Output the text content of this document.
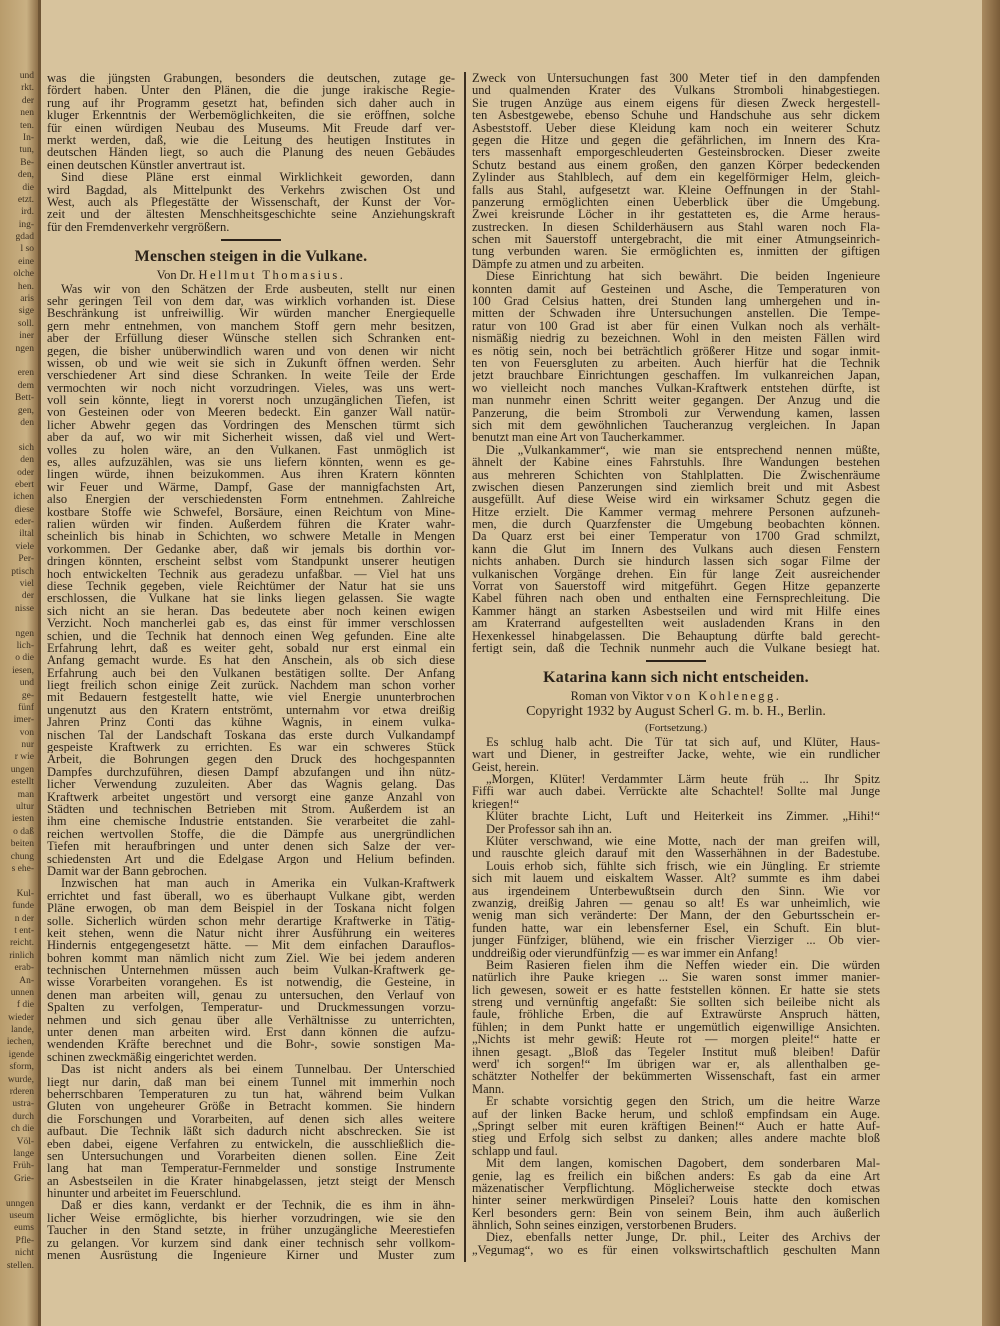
und
rkt.
der
nen
ten.
In-
tun,
Be-
den,
die
etzt.
ird.
ing-
gdad
l so
eine
olche
hen.
aris
sige
soll.
iner
ngen

eren
dem
Bett-
gen,
den

sich
den
oder
ebert
ichen
diese
eder-
iltal
viele
Per-
ptisch
viel
der
nisse

ngen
lich-
o die
iesen,
und
ge-
fünf
imer-
von
nur
r wie
ungen
estellt
man
ultur
iesten
o daß
beiten
chung
s ehe-

Kul-
funde
n der
t ent-
reicht.
rinlich
erab-
An-
unnen
f die
wieder
lande,
iechen,
igende
sform,
wurde,
rderen
ustra-
durch
ch die
Völ-
lange
Früh-
Grie-

unngen
useum
eums
Pfle-
nicht
stellen.
was die jüngsten Grabungen, besonders die deutschen, zutage ge-
fördert haben. Unter den Plänen, die die junge irakische Regie-
rung auf ihr Programm gesetzt hat, befinden sich daher auch in
kluger Erkenntnis der Werbemöglichkeiten, die sie eröffnen, solche
für einen würdigen Neubau des Museums. Mit Freude darf ver-
merkt werden, daß, wie die Leitung des heutigen Institutes in
deutschen Händen liegt, so auch die Planung des neuen Gebäudes
einen deutschen Künstler anvertraut ist.
Sind diese Pläne erst einmal Wirklichkeit geworden, dann
wird Bagdad, als Mittelpunkt des Verkehrs zwischen Ost und
West, auch als Pflegestätte der Wissenschaft, der Kunst der Vor-
zeit und der ältesten Menschheitsgeschichte seine Anziehungskraft
für den Fremdenverkehr vergrößern.
Menschen steigen in die Vulkane.
Von Dr. Hellmut Thomasius.
Was wir von den Schätzen der Erde ausbeuten, stellt nur einen
sehr geringen Teil von dem dar, was wirklich vorhanden ist. Diese
Beschränkung ist unfreiwillig. Wir würden mancher Energiequelle
gern mehr entnehmen, von manchem Stoff gern mehr besitzen,
aber der Erfüllung dieser Wünsche stellen sich Schranken ent-
gegen, die bisher unüberwindlich waren und von denen wir nicht
wissen, ob und wie weit sie sich in Zukunft öffnen werden. Sehr
verschiedener Art sind diese Schranken. In weite Teile der Erde
vermochten wir noch nicht vorzudringen. Vieles, was uns wert-
voll sein könnte, liegt in vorerst noch unzugänglichen Tiefen, ist
von Gesteinen oder von Meeren bedeckt. Ein ganzer Wall natür-
licher Abwehr gegen das Vordringen des Menschen türmt sich
aber da auf, wo wir mit Sicherheit wissen, daß viel und Wert-
volles zu holen wäre, an den Vulkanen. Fast unmöglich ist
es, alles aufzuzählen, was sie uns liefern könnten, wenn es ge-
lingen würde, ihnen beizukommen. Aus ihren Kratern könnten
wir Feuer und Wärme, Dampf, Gase der mannigfachsten Art,
also Energien der verschiedensten Form entnehmen. Zahlreiche
kostbare Stoffe wie Schwefel, Borsäure, einen Reichtum von Mine-
ralien würden wir finden. Außerdem führen die Krater wahr-
scheinlich bis hinab in Schichten, wo schwere Metalle in Mengen
vorkommen. Der Gedanke aber, daß wir jemals bis dorthin vor-
dringen könnten, erscheint selbst vom Standpunkt unserer heutigen
hoch entwickelten Technik aus geradezu unfaßbar. — Viel hat uns
diese Technik gegeben, viele Reichtümer der Natur hat sie uns
erschlossen, die Vulkane hat sie links liegen gelassen. Sie wagte
sich nicht an sie heran. Das bedeutete aber noch keinen ewigen
Verzicht. Noch mancherlei gab es, das einst für immer verschlossen
schien, und die Technik hat dennoch einen Weg gefunden. Eine alte
Erfahrung lehrt, daß es weiter geht, sobald nur erst einmal ein
Anfang gemacht wurde. Es hat den Anschein, als ob sich diese
Erfahrung auch bei den Vulkanen bestätigen sollte. Der Anfang
liegt freilich schon einige Zeit zurück. Nachdem man schon vorher
mit Bedauern festgestellt hatte, wie viel Energie ununterbrochen
ungenutzt aus den Kratern entströmt, unternahm vor etwa dreißig
Jahren Prinz Conti das kühne Wagnis, in einem vulka-
nischen Tal der Landschaft Toskana das erste durch Vulkandampf
gespeiste Kraftwerk zu errichten. Es war ein schweres Stück
Arbeit, die Bohrungen gegen den Druck des hochgespannten
Dampfes durchzuführen, diesen Dampf abzufangen und ihn nütz-
licher Verwendung zuzuleiten. Aber das Wagnis gelang. Das
Kraftwerk arbeitet ungestört und versorgt eine ganze Anzahl von
Städten und technischen Betrieben mit Strom. Außerdem ist an
ihm eine chemische Industrie entstanden. Sie verarbeitet die zahl-
reichen wertvollen Stoffe, die die Dämpfe aus unergründlichen
Tiefen mit heraufbringen und unter denen sich Salze der ver-
schiedensten Art und die Edelgase Argon und Helium befinden.
Damit war der Bann gebrochen.
Inzwischen hat man auch in Amerika ein Vulkan-Kraftwerk
errichtet und fast überall, wo es überhaupt Vulkane gibt, werden
Pläne erwogen, ob man dem Beispiel in der Toskana nicht folgen
solle. Sicherlich würden schon mehr derartige Kraftwerke in Tätig-
keit stehen, wenn die Natur nicht ihrer Ausführung ein weiteres
Hindernis entgegengesetzt hätte. — Mit dem einfachen Darauflos-
bohren kommt man nämlich nicht zum Ziel. Wie bei jedem anderen
technischen Unternehmen müssen auch beim Vulkan-Kraftwerk ge-
wisse Vorarbeiten vorangehen. Es ist notwendig, die Gesteine, in
denen man arbeiten will, genau zu untersuchen, den Verlauf von
Spalten zu verfolgen, Temperatur- und Druckmessungen vorzu-
nehmen und sich genau über alle Verhältnisse zu unterrichten,
unter denen man arbeiten wird. Erst dann können die aufzu-
wendenden Kräfte berechnet und die Bohr-, sowie sonstigen Ma-
schinen zweckmäßig eingerichtet werden.
Das ist nicht anders als bei einem Tunnelbau. Der Unterschied
liegt nur darin, daß man bei einem Tunnel mit immerhin noch
beherrschbaren Temperaturen zu tun hat, während beim Vulkan
Gluten von ungeheurer Größe in Betracht kommen. Sie hindern
die Forschungen und Vorarbeiten, auf denen sich alles weitere
aufbaut. Die Technik läßt sich dadurch nicht abschrecken. Sie ist
eben dabei, eigene Verfahren zu entwickeln, die ausschließlich die-
sen Untersuchungen und Vorarbeiten dienen sollen. Eine Zeit
lang hat man Temperatur-Fernmelder und sonstige Instrumente
an Asbestseilen in die Krater hinabgelassen, jetzt steigt der Mensch
hinunter und arbeitet im Feuerschlund.
Daß er dies kann, verdankt er der Technik, die es ihm in ähn-
licher Weise ermöglichte, bis hierher vorzudringen, wie sie den
Taucher in den Stand setzte, in früher unzugängliche Meerestiefen
zu gelangen. Vor kurzem sind dank einer technisch sehr vollkom-
menen Ausrüstung die Ingenieure Kirner und Muster zum
Zweck von Untersuchungen fast 300 Meter tief in den dampfenden
und qualmenden Krater des Vulkans Stromboli hinabgestiegen.
Sie trugen Anzüge aus einem eigens für diesen Zweck hergestell-
ten Asbestgewebe, ebenso Schuhe und Handschuhe aus sehr dickem
Asbeststoff. Ueber diese Kleidung kam noch ein weiterer Schutz
gegen die Hitze und gegen die gefährlichen, im Innern des Kra-
ters massenhaft emporgeschleuderten Gesteinsbrocken. Dieser zweite
Schutz bestand aus einem großen, den ganzen Körper bedeckenden
Zylinder aus Stahlblech, auf dem ein kegelförmiger Helm, gleich-
falls aus Stahl, aufgesetzt war. Kleine Oeffnungen in der Stahl-
panzerung ermöglichten einen Ueberblick über die Umgebung.
Zwei kreisrunde Löcher in ihr gestatteten es, die Arme heraus-
zustrecken. In diesen Schilderhäusern aus Stahl waren noch Fla-
schen mit Sauerstoff untergebracht, die mit einer Atmungseinrich-
tung verbunden waren. Sie ermöglichten es, inmitten der giftigen
Dämpfe zu atmen und zu arbeiten.
Diese Einrichtung hat sich bewährt. Die beiden Ingenieure
konnten damit auf Gesteinen und Asche, die Temperaturen von
100 Grad Celsius hatten, drei Stunden lang umhergehen und in-
mitten der Schwaden ihre Untersuchungen anstellen. Die Tempe-
ratur von 100 Grad ist aber für einen Vulkan noch als verhält-
nismäßig niedrig zu bezeichnen. Wohl in den meisten Fällen wird
es nötig sein, noch bei beträchtlich größerer Hitze und sogar inmit-
ten von Feuersgluten zu arbeiten. Auch hierfür hat die Technik
jetzt brauchbare Einrichtungen geschaffen. Im vulkanreichen Japan,
wo vielleicht noch manches Vulkan-Kraftwerk entstehen dürfte, ist
man nunmehr einen Schritt weiter gegangen. Der Anzug und die
Panzerung, die beim Stromboli zur Verwendung kamen, lassen
sich mit dem gewöhnlichen Taucheranzug vergleichen. In Japan
benutzt man eine Art von Taucherkammer.
Die „Vulkankammer“, wie man sie entsprechend nennen müßte,
ähnelt der Kabine eines Fahrstuhls. Ihre Wandungen bestehen
aus mehreren Schichten von Stahlplatten. Die Zwischenräume
zwischen diesen Panzerungen sind ziemlich breit und mit Asbest
ausgefüllt. Auf diese Weise wird ein wirksamer Schutz gegen die
Hitze erzielt. Die Kammer vermag mehrere Personen aufzuneh-
men, die durch Quarzfenster die Umgebung beobachten können.
Da Quarz erst bei einer Temperatur von 1700 Grad schmilzt,
kann die Glut im Innern des Vulkans auch diesen Fenstern
nichts anhaben. Durch sie hindurch lassen sich sogar Filme der
vulkanischen Vorgänge drehen. Ein für lange Zeit ausreichender
Vorrat von Sauerstoff wird mitgeführt. Gegen Hitze gepanzerte
Kabel führen nach oben und enthalten eine Fernsprechleitung. Die
Kammer hängt an starken Asbestseilen und wird mit Hilfe eines
am Kraterrand aufgestellten weit ausladenden Krans in den
Hexenkessel hinabgelassen. Die Behauptung dürfte bald gerecht-
fertigt sein, daß die Technik nunmehr auch die Vulkane besiegt hat.
Katarina kann sich nicht entscheiden.
Roman von Viktor von Kohlenegg.
Copyright 1932 by August Scherl G. m. b. H., Berlin.
(Fortsetzung.)
Es schlug halb acht. Die Tür tat sich auf, und Klüter, Haus-
wart und Diener, in gestreifter Jacke, wehte, wie ein rundlicher
Geist, herein.
„Morgen, Klüter! Verdammter Lärm heute früh ... Ihr Spitz
Fiffi war auch dabei. Verrückte alte Schachtel! Sollte mal Junge
kriegen!“
Klüter brachte Licht, Luft und Heiterkeit ins Zimmer. „Hihi!“
Der Professor sah ihn an.
Klüter verschwand, wie eine Motte, nach der man greifen will,
und rauschte gleich darauf mit den Wasserhähnen in der Badestube.
Louis erhob sich, fühlte sich frisch, wie ein Jüngling. Er striemte
sich mit lauem und eiskaltem Wasser. Alt? summte es ihm dabei
aus irgendeinem Unterbewußtsein durch den Sinn. Wie vor
zwanzig, dreißig Jahren — genau so alt! Es war unheimlich, wie
wenig man sich veränderte: Der Mann, der den Geburtsschein er-
funden hatte, war ein lebensferner Esel, ein Schuft. Ein blut-
junger Fünfziger, blühend, wie ein frischer Vierziger ... Ob vier-
unddreißig oder vierundfünfzig — es war immer ein Anfang!
Beim Rasieren fielen ihm die Neffen wieder ein. Die würden
natürlich ihre Pauke kriegen ... Sie waren sonst immer manier-
lich gewesen, soweit er es hatte feststellen können. Er hatte sie stets
streng und vernünftig angefaßt: Sie sollten sich beileibe nicht als
faule, fröhliche Erben, die auf Extrawürste Anspruch hätten,
fühlen; in dem Punkt hatte er ungemütlich eigenwillige Ansichten.
„Nichts ist mehr gewiß: Heute rot — morgen pleite!“ hatte er
ihnen gesagt. „Bloß das Tegeler Institut muß bleiben! Dafür
werd' ich sorgen!“ Im übrigen war er, als allenthalben ge-
schätzter Nothelfer der bekümmerten Wissenschaft, fast ein armer
Mann.
Er schabte vorsichtig gegen den Strich, um die heitre Warze
auf der linken Backe herum, und schloß empfindsam ein Auge.
„Springt selber mit euren kräftigen Beinen!“ Auch er hatte Auf-
stieg und Erfolg sich selbst zu danken; alles andere machte bloß
schlapp und faul.
Mit dem langen, komischen Dagobert, dem sonderbaren Mal-
genie, lag es freilich ein bißchen anders: Es gab da eine Art
mäzenatischer Verpflichtung. Möglicherweise steckte doch etwas
hinter seiner merkwürdigen Pinselei? Louis hatte den komischen
Kerl besonders gern: Bein von seinem Bein, ihm auch äußerlich
ähnlich, Sohn seines einzigen, verstorbenen Bruders.
Diez, ebenfalls netter Junge, Dr. phil., Leiter des Archivs der
„Vegumag“, wo es für einen volkswirtschaftlich geschulten Mann
